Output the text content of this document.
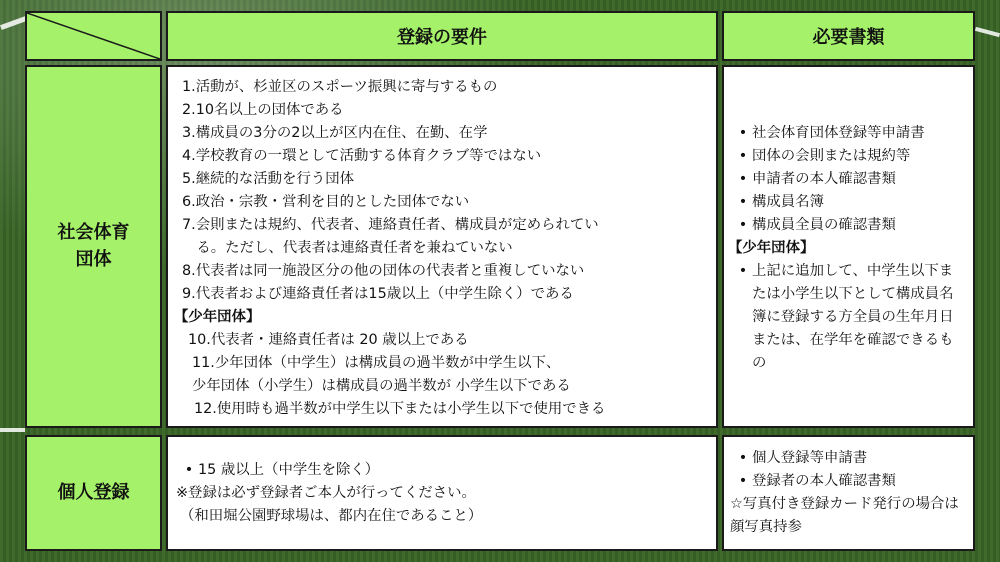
登録の要件	必要書類
社会体育
団体
1.活動が、杉並区のスポーツ振興に寄与するもの
2.10名以上の団体である
3.構成員の3分の2以上が区内在住、在勤、在学
4.学校教育の一環として活動する体育クラブ等ではない
5.継続的な活動を行う団体
6.政治・宗教・営利を目的とした団体でない
7.会則または規約、代表者、連絡責任者、構成員が定められてい
　る。ただし、代表者は連絡責任者を兼ねていない
8.代表者は同一施設区分の他の団体の代表者と重複していない
9.代表者および連絡責任者は15歳以上（中学生除く）である
【少年団体】
10.代表者・連絡責任者は 20 歳以上である
11.少年団体（中学生）は構成員の過半数が中学生以下、
少年団体（小学生）は構成員の過半数が 小学生以下である
12.使用時も過半数が中学生以下または小学生以下で使用できる
• 社会体育団体登録等申請書
• 団体の会則または規約等
• 申請者の本人確認書類
• 構成員名簿
• 構成員全員の確認書類
【少年団体】
• 上記に追加して、中学生以下または小学生以下として構成員名簿に登録する方全員の生年月日または、在学年を確認できるもの
個人登録
• 15 歳以上（中学生を除く）
※登録は必ず登録者ご本人が行ってください。
（和田堀公園野球場は、都内在住であること）
• 個人登録等申請書
• 登録者の本人確認書類
☆写真付き登録カード発行の場合は 顔写真持参
